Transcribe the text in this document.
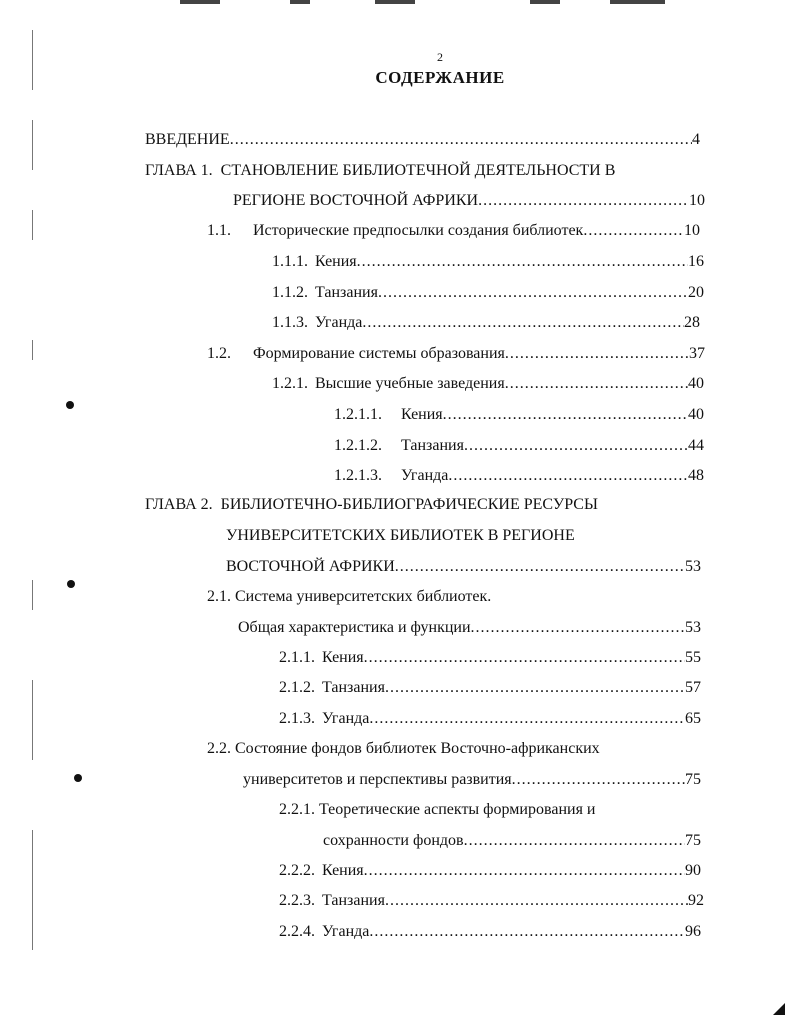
2
СОДЕРЖАНИЕ
ВВЕДЕНИЕ .....	4
ГЛАВА 1. СТАНОВЛЕНИЕ БИБЛИОТЕЧНОЙ ДЕЯТЕЛЬНОСТИ В
РЕГИОНЕ ВОСТОЧНОЙ АФРИКИ .....	10
1.1.	Исторические предпосылки создания библиотек .....	10
1.1.1. Кения .....	16
1.1.2. Танзания .....	20
1.1.3. Уганда .....	28
1.2.	Формирование системы образования .....	37
1.2.1. Высшие учебные заведения .....	40
1.2.1.1.	Кения .....	40
1.2.1.2.	Танзания .....	44
1.2.1.3.	Уганда .....	48
ГЛАВА 2. БИБЛИОТЕЧНО-БИБЛИОГРАФИЧЕСКИЕ РЕСУРСЫ
УНИВЕРСИТЕТСКИХ БИБЛИОТЕК В РЕГИОНЕ
ВОСТОЧНОЙ АФРИКИ .....	53
2.1. Система университетских библиотек.
Общая характеристика и функции .....	53
2.1.1. Кения .....	55
2.1.2. Танзания .....	57
2.1.3. Уганда .....	65
2.2. Состояние фондов библиотек Восточно-африканских
университетов и перспективы развития .....	75
2.2.1. Теоретические аспекты формирования и
сохранности фондов .....	75
2.2.2. Кения .....	90
2.2.3. Танзания .....	92
2.2.4. Уганда .....	96
